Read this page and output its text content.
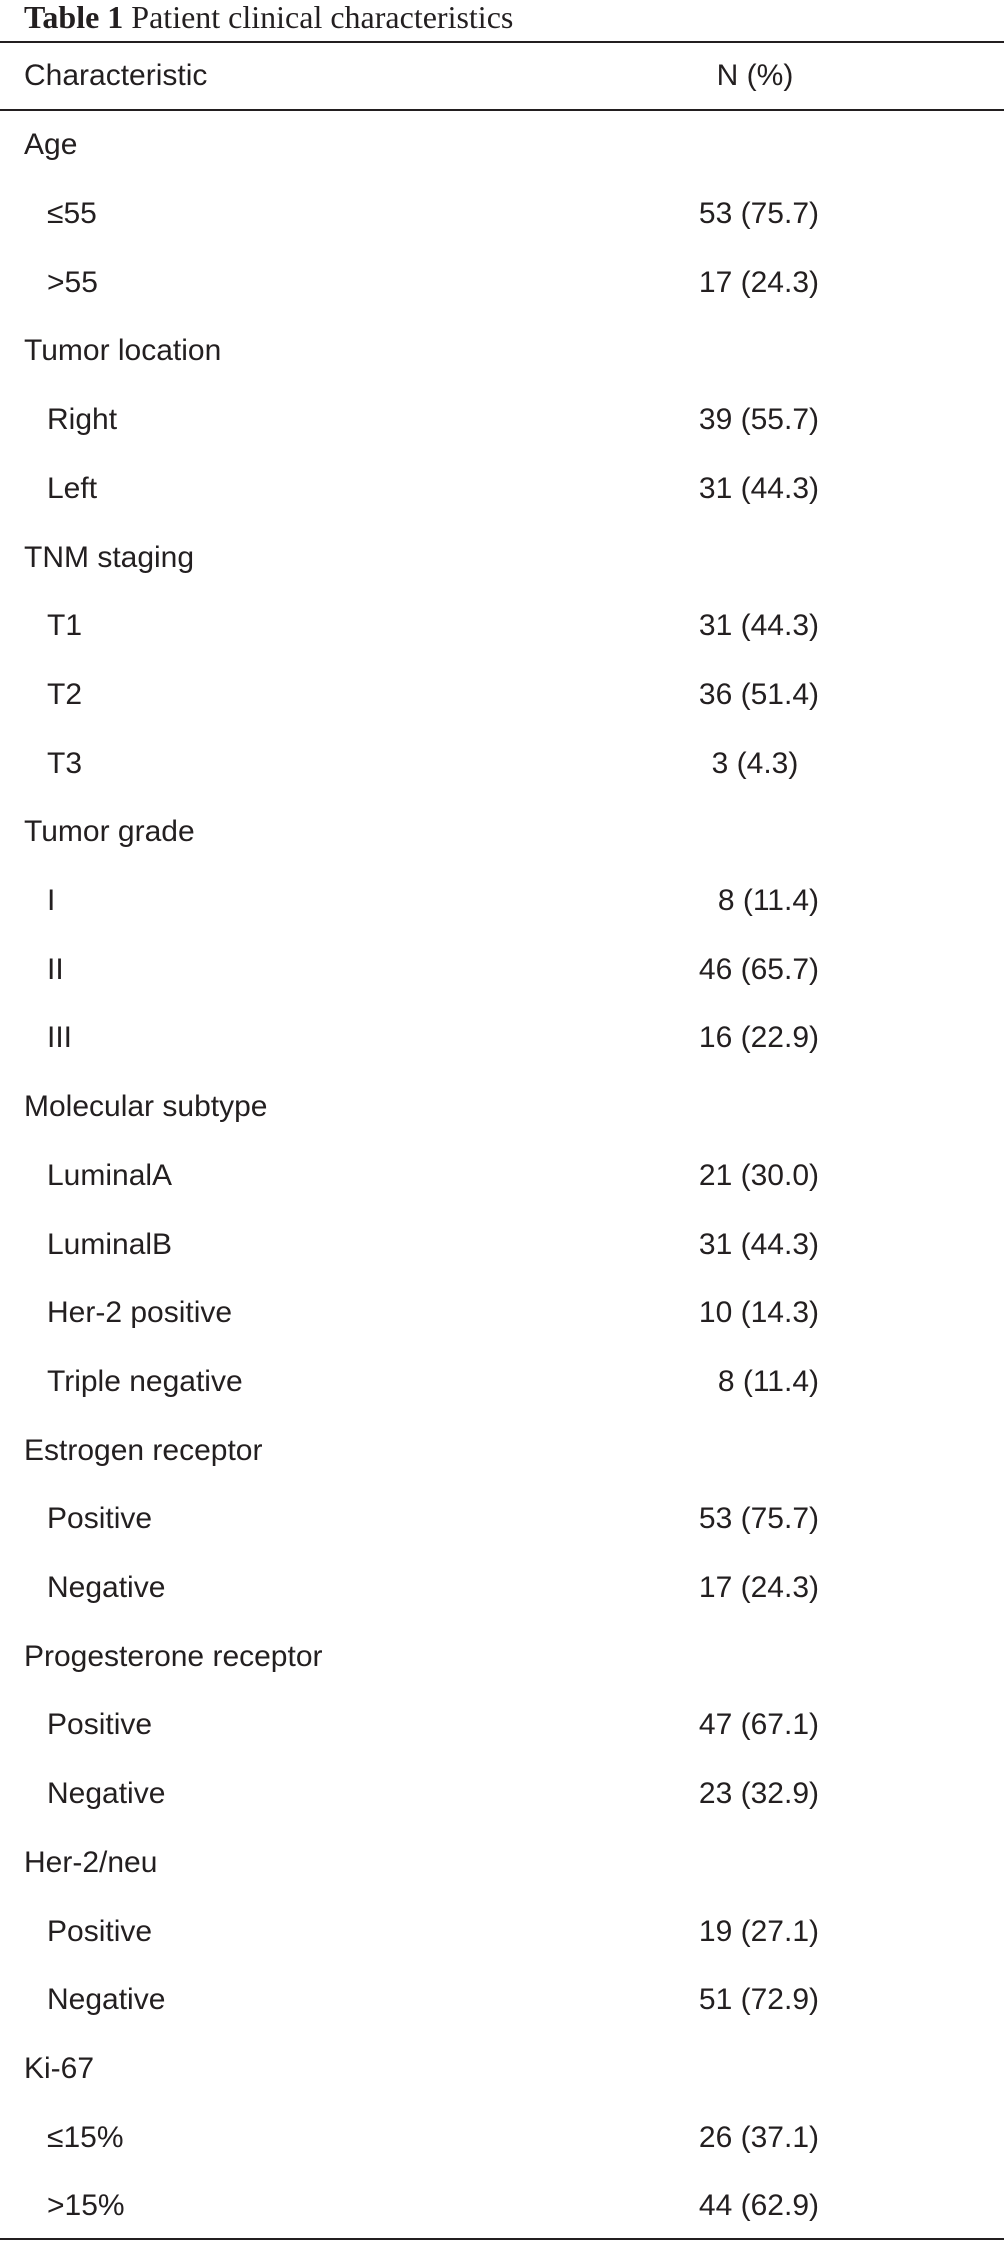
Table 1 Patient clinical characteristics
Characteristic	N (%)
Age
≤55	53 (75.7)
>55	17 (24.3)
Tumor location
Right	39 (55.7)
Left	31 (44.3)
TNM staging
T1	31 (44.3)
T2	36 (51.4)
T3	3 (4.3)
Tumor grade
I	8 (11.4)
II	46 (65.7)
III	16 (22.9)
Molecular subtype
LuminalA	21 (30.0)
LuminalB	31 (44.3)
Her-2 positive	10 (14.3)
Triple negative	8 (11.4)
Estrogen receptor
Positive	53 (75.7)
Negative	17 (24.3)
Progesterone receptor
Positive	47 (67.1)
Negative	23 (32.9)
Her-2/neu
Positive	19 (27.1)
Negative	51 (72.9)
Ki-67
≤15%	26 (37.1)
>15%	44 (62.9)
